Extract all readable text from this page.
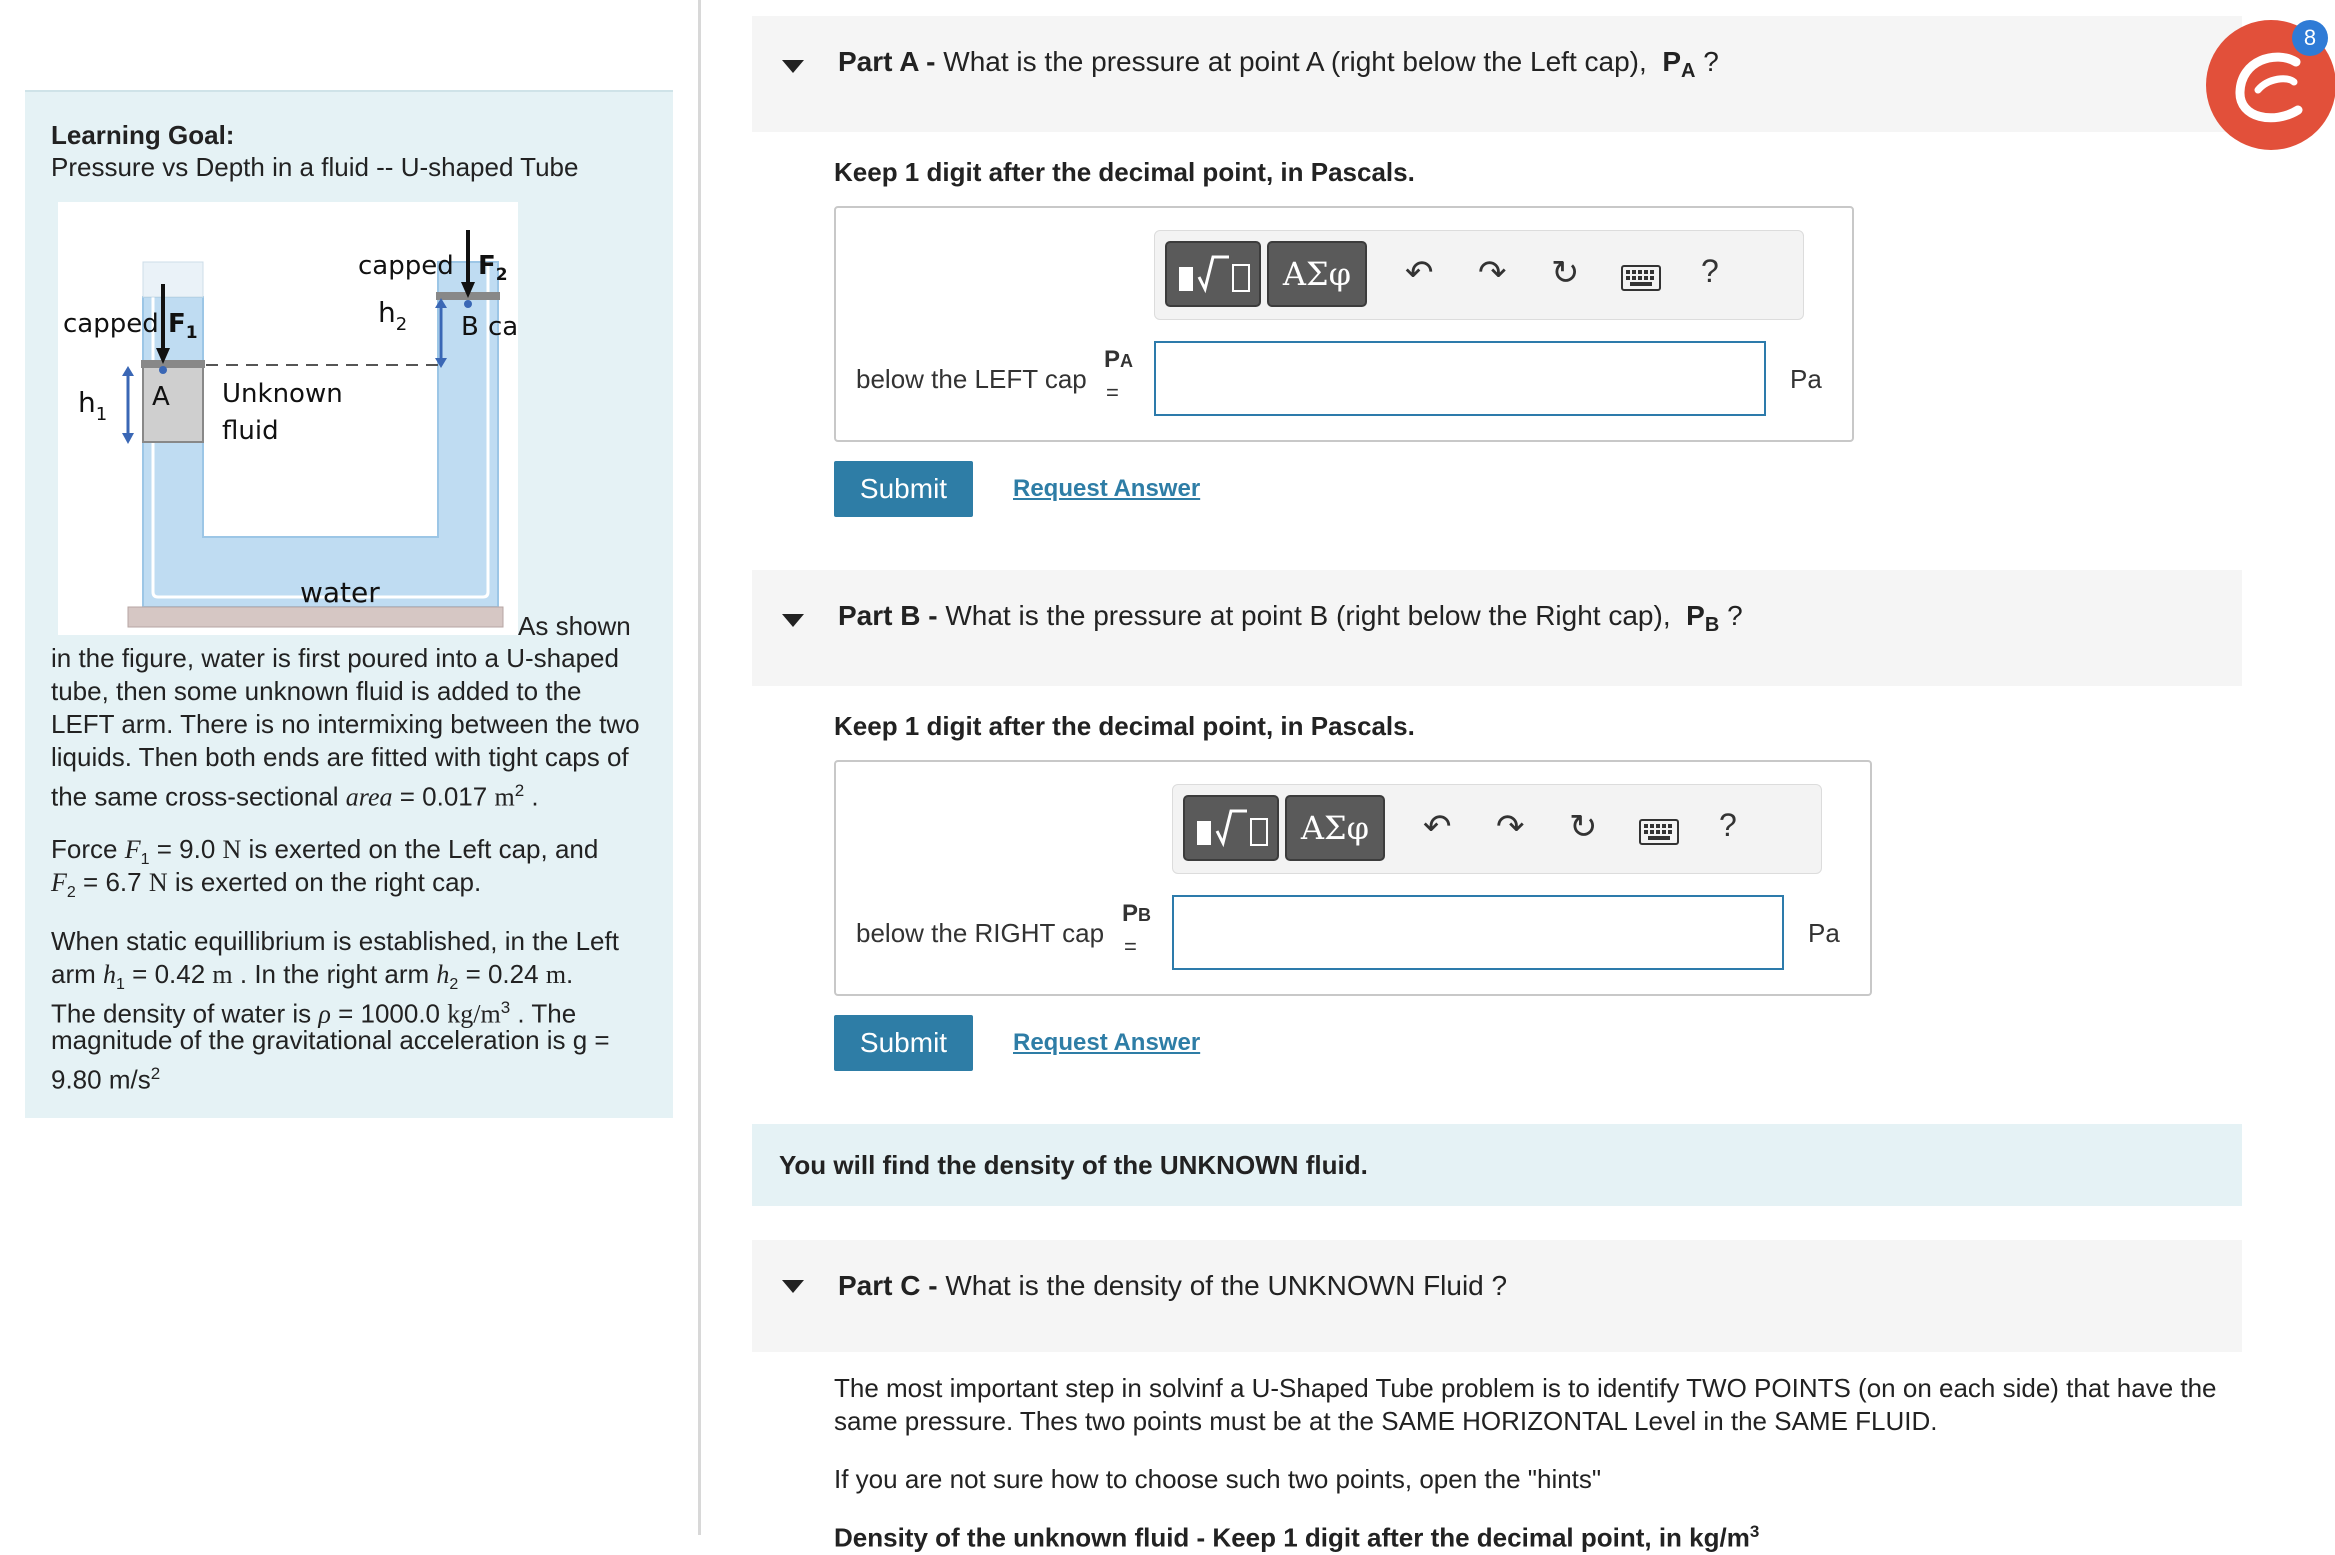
Learning Goal:
Pressure vs Depth in a fluid -- U-shaped Tube
capped $F_1$
capped $F_2$
$h_1$
$h_2$
A
B ca
Unknown
fluid
water
As shown
in the figure, water is first poured into a U-shaped
tube, then some unknown fluid is added to the
LEFT arm. There is no intermixing between the two
liquids. Then both ends are fitted with tight caps of
the same cross-sectional area = 0.017 $m^2$ .
Force $F_1 = 9.0$ N is exerted on the Left cap, and
$F_2 = 6.7$ N is exerted on the right cap.
When static equillibrium is established, in the Left
arm $h_1 = 0.42$ m . In the right arm $h_2 = 0.24$ m.
The density of water is ρ = 1000.0 $kg/m^3$ . The
magnitude of the gravitational acceleration is g =
9.80 $m/s^2$
Part A - What is the pressure at point A (right below the Left cap), $P_A$ ?
Keep 1 digit after the decimal point, in Pascals.
ΑΣφ	↶ ↷ ↻	?
below the LEFT cap
PA
=	Pa
Submit	Request Answer
Part B - What is the pressure at point B (right below the Right cap), $P_B$ ?
Keep 1 digit after the decimal point, in Pascals.
ΑΣφ	↶ ↷ ↻	?
below the RIGHT cap
PB
=	Pa
Submit	Request Answer
You will find the density of the UNKNOWN fluid.
Part C - What is the density of the UNKNOWN Fluid ?
The most important step in solvinf a U-Shaped Tube problem is to identify TWO POINTS (on on each side) that have the
same pressure. Thes two points must be at the SAME HORIZONTAL Level in the SAME FLUID.
If you are not sure how to choose such two points, open the "hints"
Density of the unknown fluid - Keep 1 digit after the decimal point, in $kg/m^3$
8
